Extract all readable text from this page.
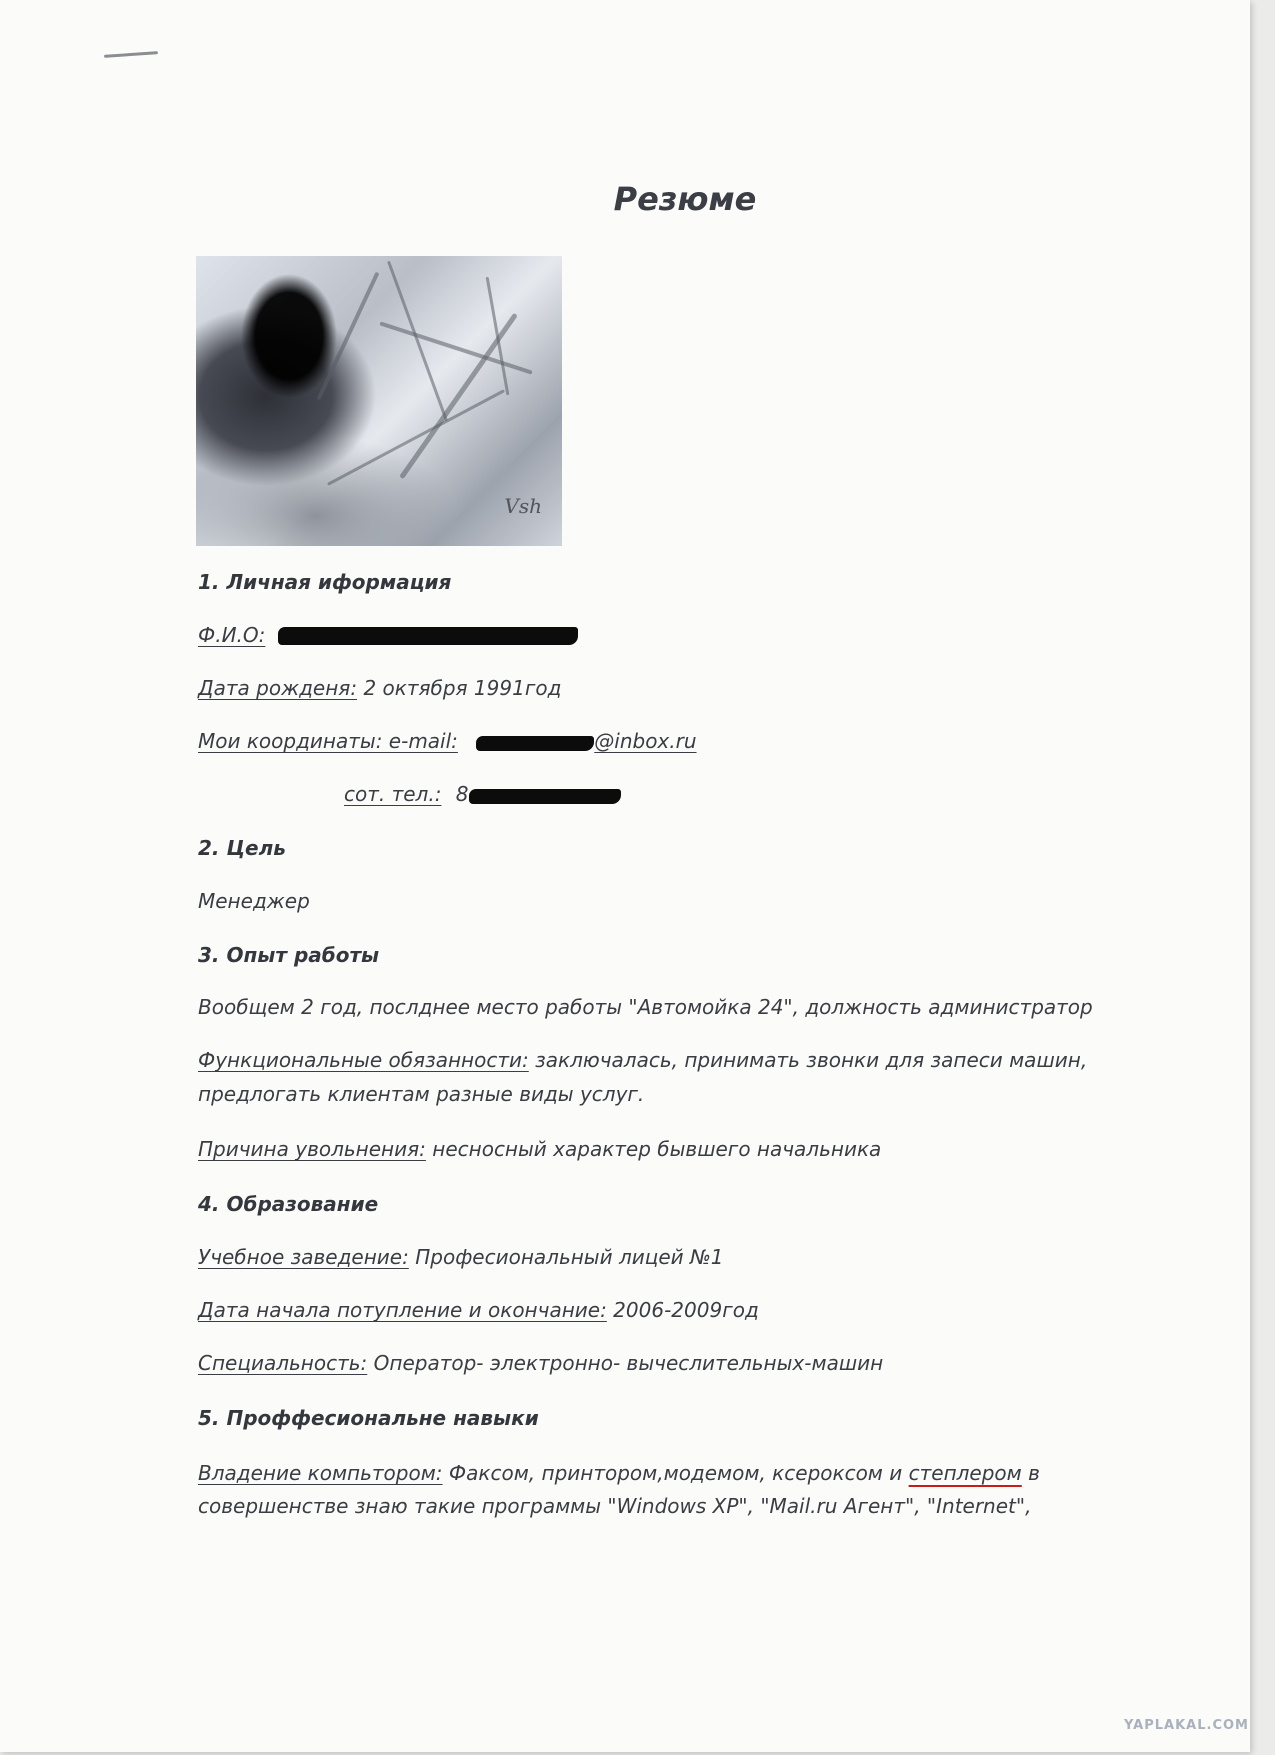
Резюме
Vsh
1. Личная иформация
Ф.И.О:
Дата рожденя: 2 октября 1991год
Мои координаты: e-mail:	@inbox.ru
сот. тел.: 8
2. Цель
Менеджер
3. Опыт работы
Вообщем 2 год, послднее место работы "Автомойка 24", должность администратор
Функциональные обязанности: заключалась, принимать звонки для запеси машин,
предлогать клиентам разные виды услуг.
Причина увольнения: несносный характер бывшего начальника
4. Образование
Учебное заведение: Професиональный лицей №1
Дата начала потупление и окончание: 2006-2009год
Специальность: Оператор- электронно- вычеслительных-машин
5. Проффесиональне навыки
Владение компьтором: Факсом, принтором,модемом, ксероксом и степлером в
совершенстве знаю такие программы "Windows XP", "Mail.ru Агент", "Internet",
YAPLAKAL.COM
